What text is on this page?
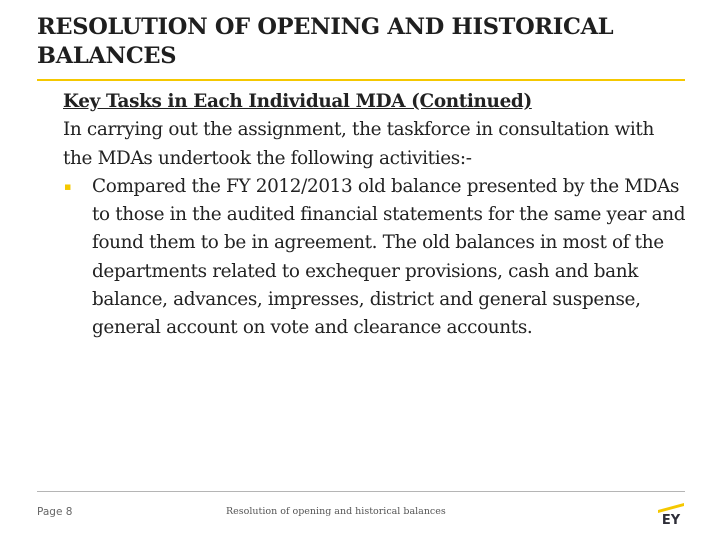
RESOLUTION OF OPENING AND HISTORICAL BALANCES

Key Tasks in Each Individual MDA (Continued)

In carrying out the assignment, the taskforce in consultation with the MDAs undertook the following activities:-

▪ Compared the FY 2012/2013 old balance presented by the MDAs to those in the audited financial statements for the same year and found them to be in agreement. The old balances in most of the departments related to exchequer provisions, cash and bank balance, advances, impresses, district and general suspense, general account on vote and clearance accounts.

Page 8	Resolution of opening and historical balances

EY
